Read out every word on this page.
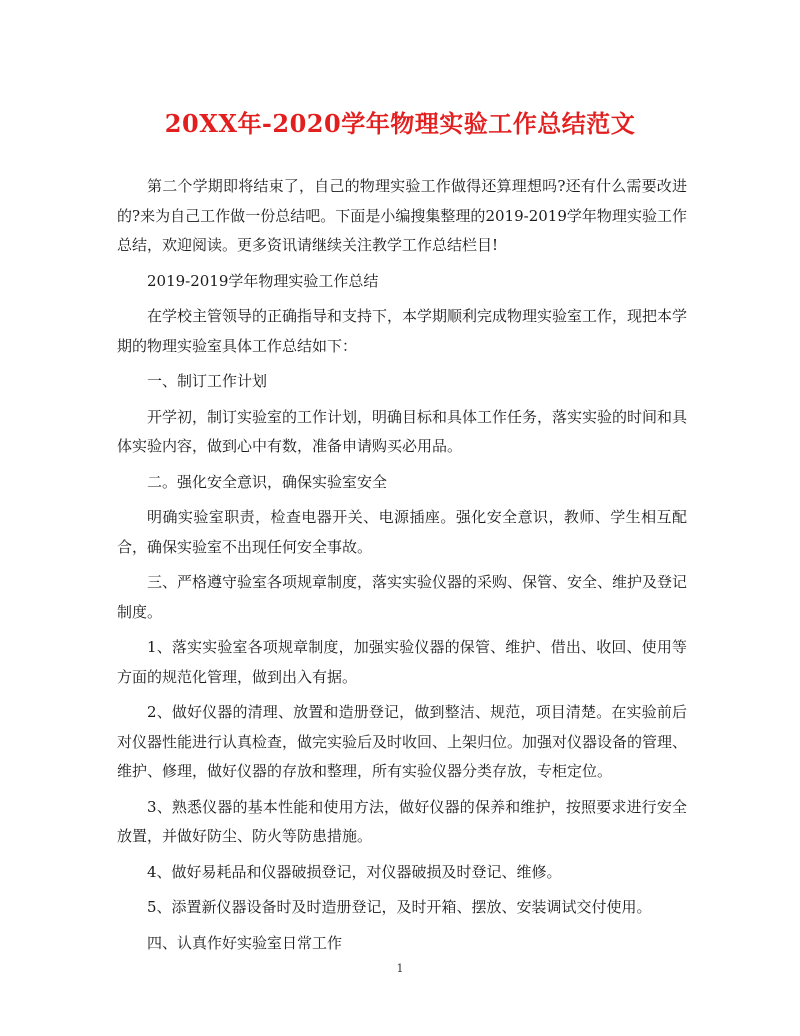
20XX年-2020学年物理实验工作总结范文

第二个学期即将结束了，自己的物理实验工作做得还算理想吗?还有什么需要改进的?来为自己工作做一份总结吧。下面是小编搜集整理的2019-2019学年物理实验工作总结，欢迎阅读。更多资讯请继续关注教学工作总结栏目!

2019-2019学年物理实验工作总结

在学校主管领导的正确指导和支持下，本学期顺利完成物理实验室工作，现把本学期的物理实验室具体工作总结如下：

一、制订工作计划

开学初，制订实验室的工作计划，明确目标和具体工作任务，落实实验的时间和具体实验内容，做到心中有数，准备申请购买必用品。

二。强化安全意识，确保实验室安全

明确实验室职责，检查电器开关、电源插座。强化安全意识，教师、学生相互配合，确保实验室不出现任何安全事故。

三、严格遵守验室各项规章制度，落实实验仪器的采购、保管、安全、维护及登记制度。

1、落实实验室各项规章制度，加强实验仪器的保管、维护、借出、收回、使用等方面的规范化管理，做到出入有据。

2、做好仪器的清理、放置和造册登记，做到整洁、规范，项目清楚。在实验前后对仪器性能进行认真检查，做完实验后及时收回、上架归位。加强对仪器设备的管理、维护、修理，做好仪器的存放和整理，所有实验仪器分类存放，专柜定位。

3、熟悉仪器的基本性能和使用方法，做好仪器的保养和维护，按照要求进行安全放置，并做好防尘、防火等防患措施。

4、做好易耗品和仪器破损登记，对仪器破损及时登记、维修。

5、添置新仪器设备时及时造册登记，及时开箱、摆放、安装调试交付使用。

四、认真作好实验室日常工作

1
